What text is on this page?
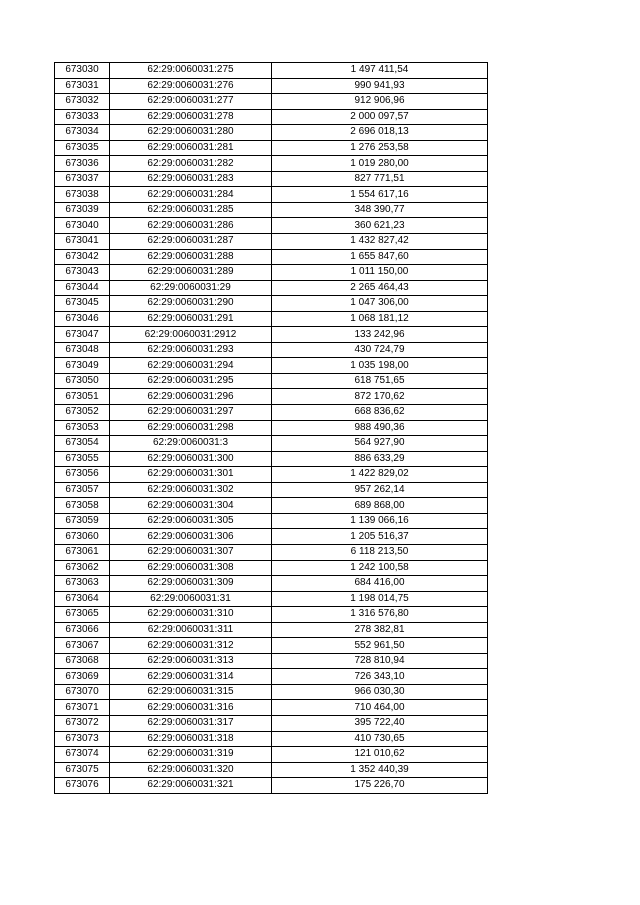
673030	62:29:0060031:275	1 497 411,54
673031	62:29:0060031:276	990 941,93
673032	62:29:0060031:277	912 906,96
673033	62:29:0060031:278	2 000 097,57
673034	62:29:0060031:280	2 696 018,13
673035	62:29:0060031:281	1 276 253,58
673036	62:29:0060031:282	1 019 280,00
673037	62:29:0060031:283	827 771,51
673038	62:29:0060031:284	1 554 617,16
673039	62:29:0060031:285	348 390,77
673040	62:29:0060031:286	360 621,23
673041	62:29:0060031:287	1 432 827,42
673042	62:29:0060031:288	1 655 847,60
673043	62:29:0060031:289	1 011 150,00
673044	62:29:0060031:29	2 265 464,43
673045	62:29:0060031:290	1 047 306,00
673046	62:29:0060031:291	1 068 181,12
673047	62:29:0060031:2912	133 242,96
673048	62:29:0060031:293	430 724,79
673049	62:29:0060031:294	1 035 198,00
673050	62:29:0060031:295	618 751,65
673051	62:29:0060031:296	872 170,62
673052	62:29:0060031:297	668 836,62
673053	62:29:0060031:298	988 490,36
673054	62:29:0060031:3	564 927,90
673055	62:29:0060031:300	886 633,29
673056	62:29:0060031:301	1 422 829,02
673057	62:29:0060031:302	957 262,14
673058	62:29:0060031:304	689 868,00
673059	62:29:0060031:305	1 139 066,16
673060	62:29:0060031:306	1 205 516,37
673061	62:29:0060031:307	6 118 213,50
673062	62:29:0060031:308	1 242 100,58
673063	62:29:0060031:309	684 416,00
673064	62:29:0060031:31	1 198 014,75
673065	62:29:0060031:310	1 316 576,80
673066	62:29:0060031:311	278 382,81
673067	62:29:0060031:312	552 961,50
673068	62:29:0060031:313	728 810,94
673069	62:29:0060031:314	726 343,10
673070	62:29:0060031:315	966 030,30
673071	62:29:0060031:316	710 464,00
673072	62:29:0060031:317	395 722,40
673073	62:29:0060031:318	410 730,65
673074	62:29:0060031:319	121 010,62
673075	62:29:0060031:320	1 352 440,39
673076	62:29:0060031:321	175 226,70
